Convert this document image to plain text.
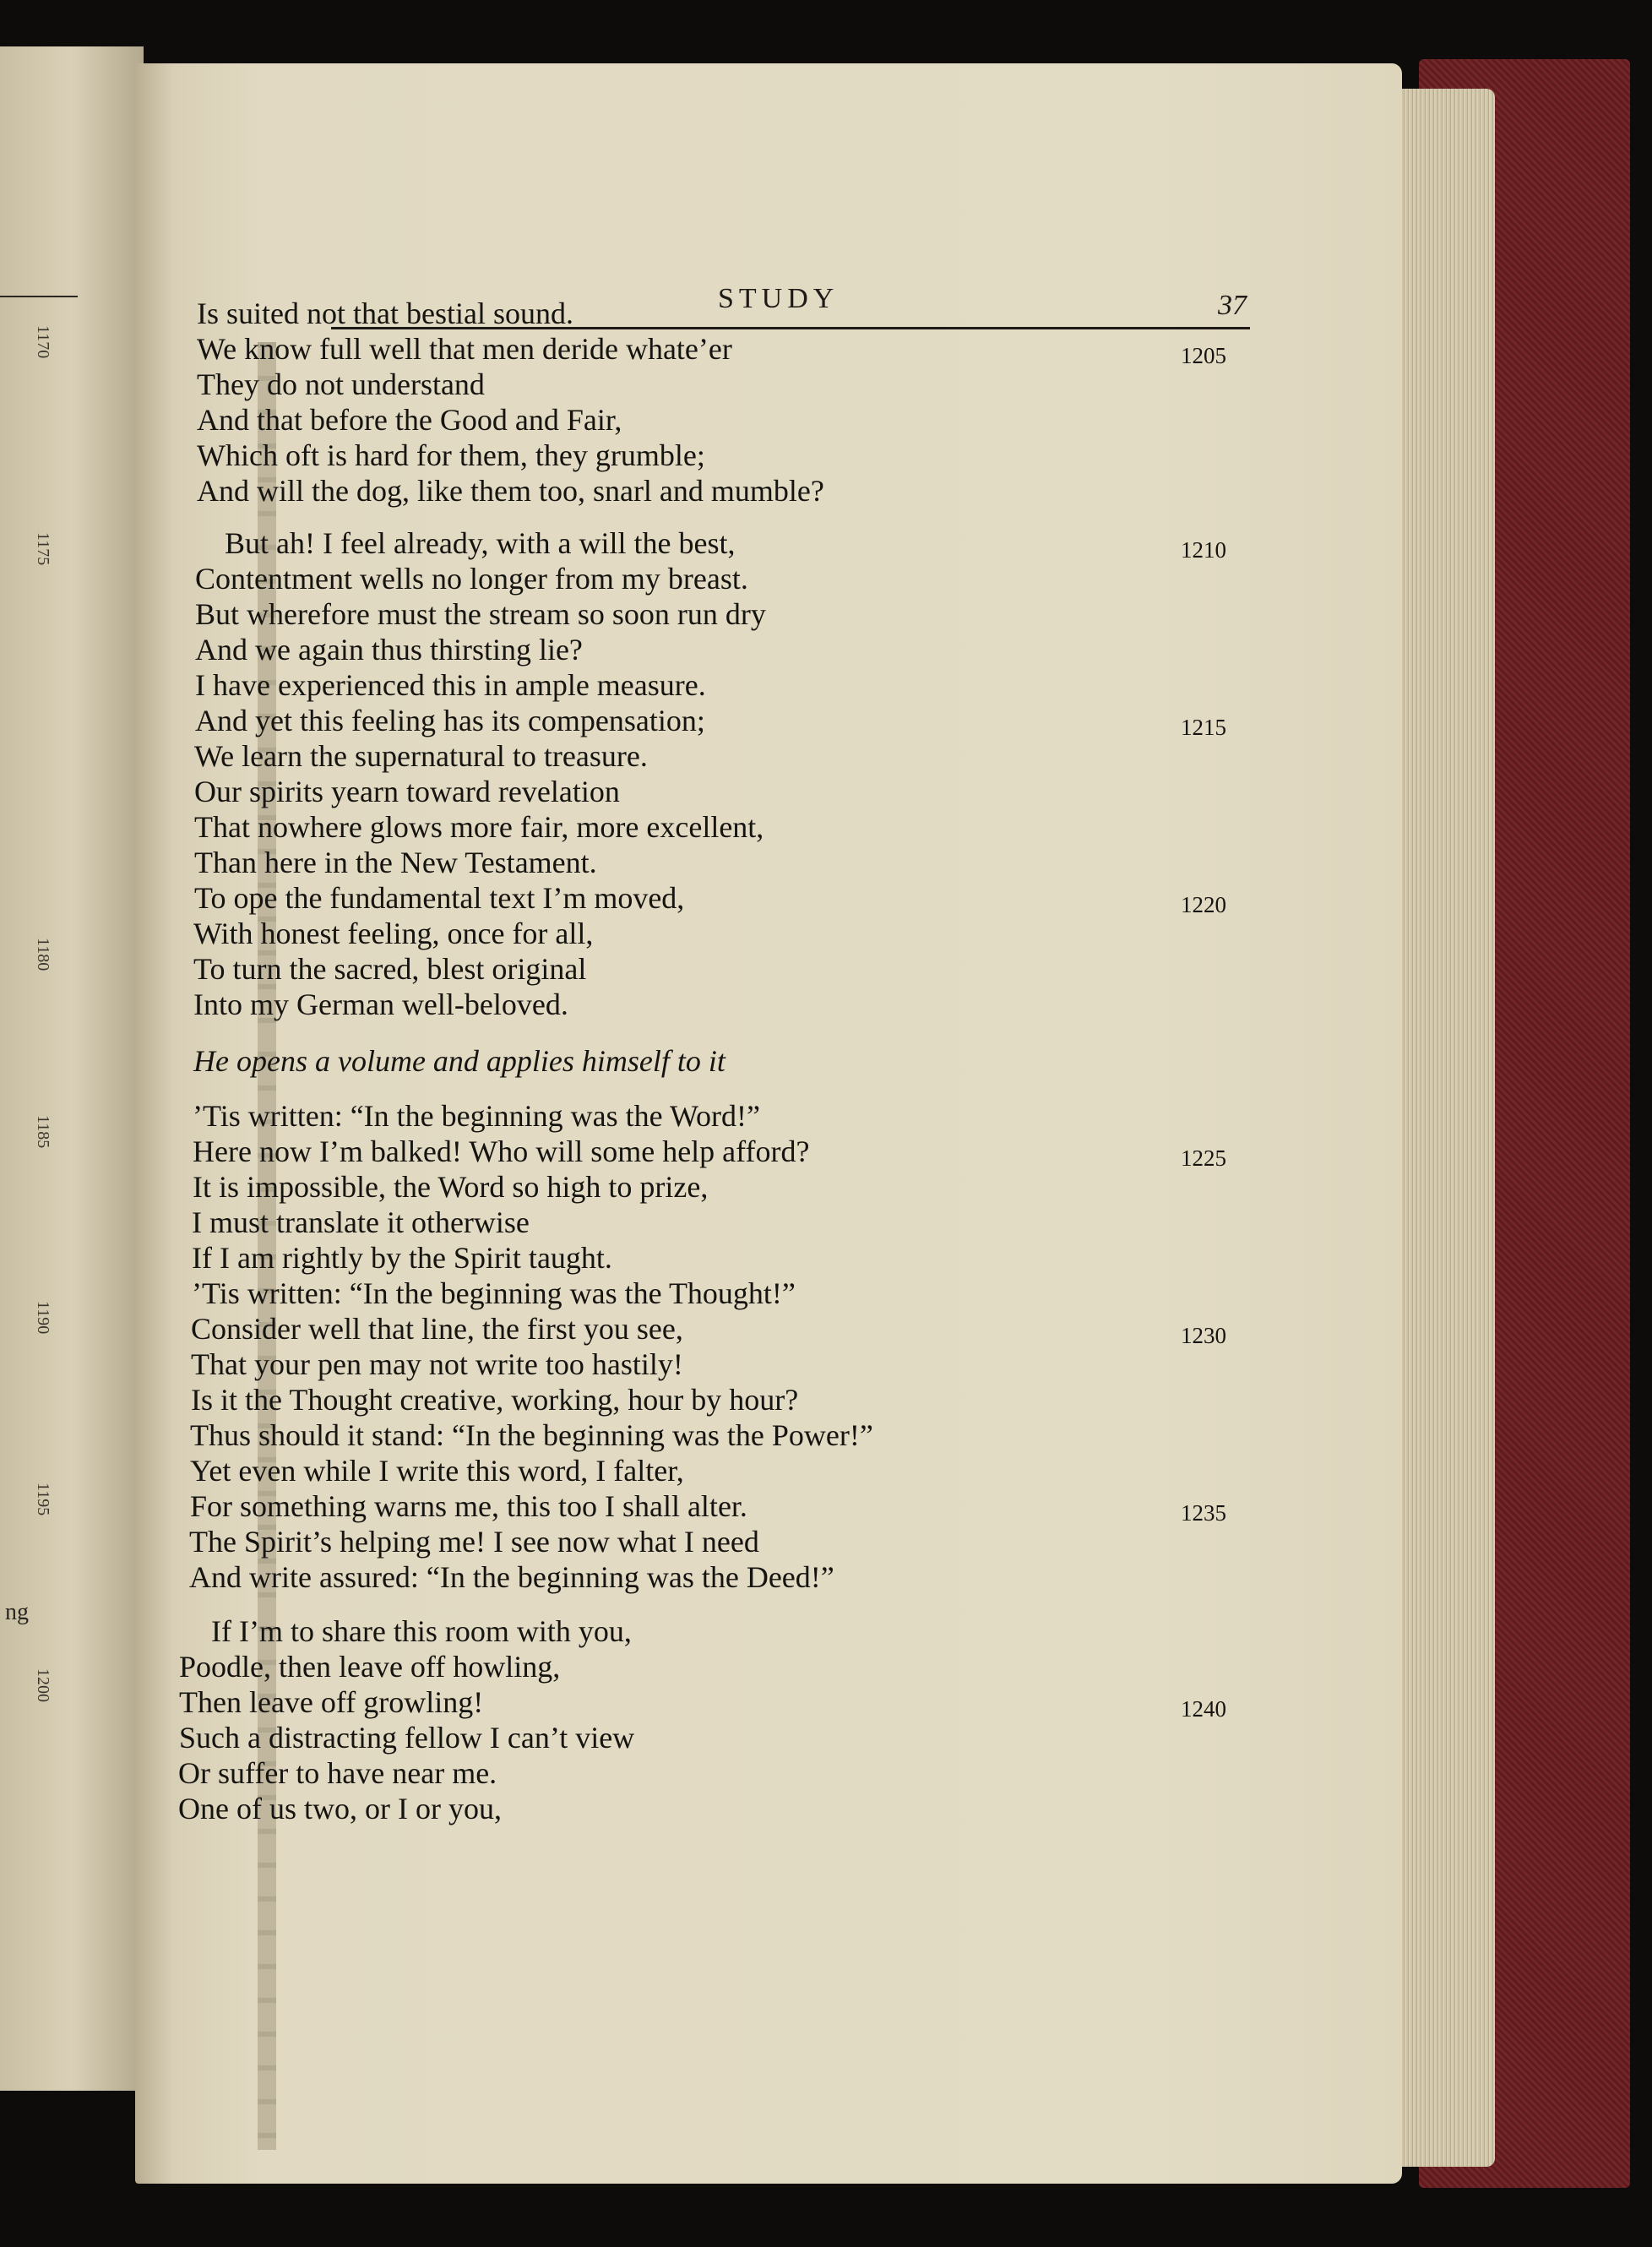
1170
1175
1180
1185
1190
1195
1200
ng
STUDY	37
Is suited not that bestial sound.
We know full well that men deride whate’er
They do not understand
And that before the Good and Fair,
Which oft is hard for them, they grumble;
And will the dog, like them too, snarl and mumble?
But ah! I feel already, with a will the best,
Contentment wells no longer from my breast.
But wherefore must the stream so soon run dry
And we again thus thirsting lie?
I have experienced this in ample measure.
And yet this feeling has its compensation;
We learn the supernatural to treasure.
Our spirits yearn toward revelation
That nowhere glows more fair, more excellent,
Than here in the New Testament.
To ope the fundamental text I’m moved,
With honest feeling, once for all,
To turn the sacred, blest original
Into my German well-beloved.
He opens a volume and applies himself to it
’Tis written: “In the beginning was the Word!”
Here now I’m balked! Who will some help afford?
It is impossible, the Word so high to prize,
I must translate it otherwise
If I am rightly by the Spirit taught.
’Tis written: “In the beginning was the Thought!”
Consider well that line, the first you see,
That your pen may not write too hastily!
Is it the Thought creative, working, hour by hour?
Thus should it stand: “In the beginning was the Power!”
Yet even while I write this word, I falter,
For something warns me, this too I shall alter.
The Spirit’s helping me! I see now what I need
And write assured: “In the beginning was the Deed!”
If I’m to share this room with you,
Poodle, then leave off howling,
Then leave off growling!
Such a distracting fellow I can’t view
Or suffer to have near me.
One of us two, or I or you,
1205
1210
1215
1220
1225
1230
1235
1240
